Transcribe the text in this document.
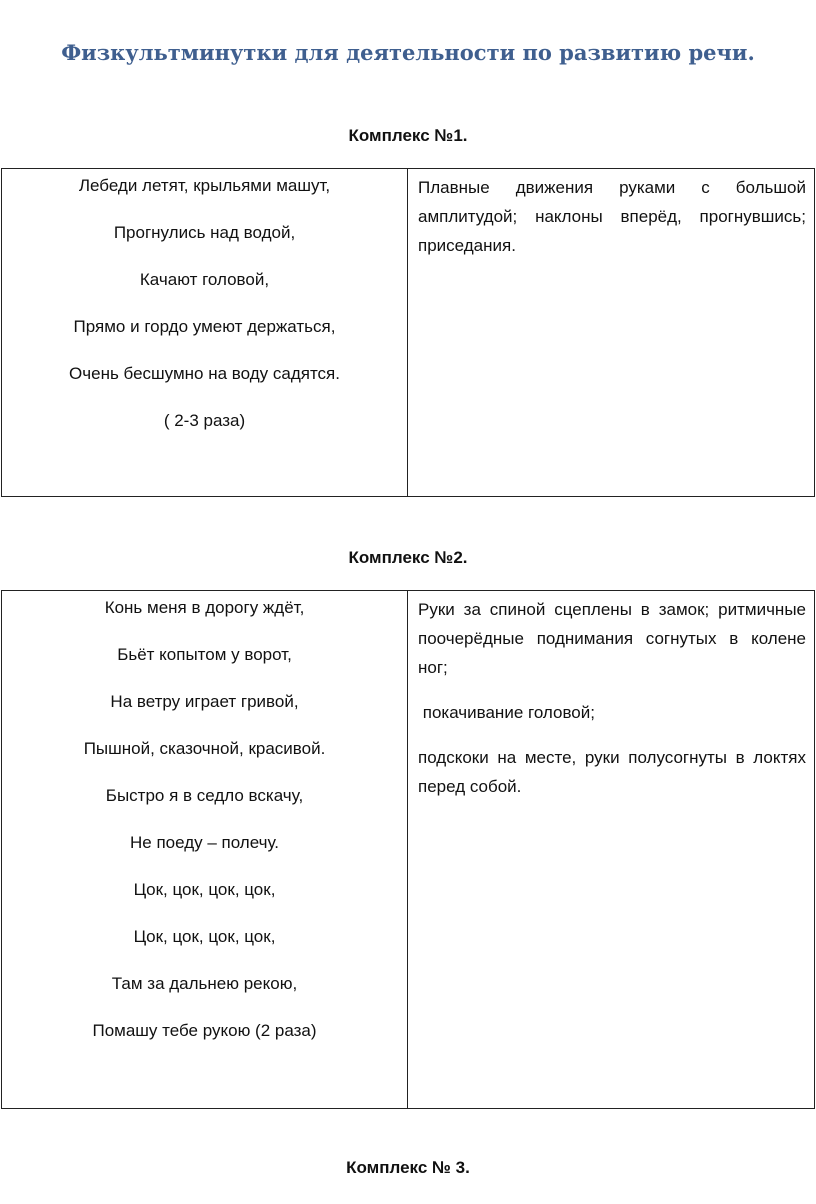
Физкультминутки для деятельности по развитию речи.
Комплекс №1.

Лебеди летят, крыльями машут,

Прогнулись над водой,

Качают головой,

Прямо и гордо умеют держаться,

Очень бесшумно на воду садятся.

( 2-3 раза)

Плавные движения руками с большой амплитудой; наклоны вперёд, прогнувшись; приседания.

Комплекс №2.

Конь меня в дорогу ждёт,

Бьёт копытом у ворот,

На ветру играет гривой,

Пышной, сказочной, красивой.

Быстро я в седло вскачу,

Не поеду – полечу.

Цок, цок, цок, цок,

Цок, цок, цок, цок,

Там за дальнею рекою,

Помашу тебе рукою (2 раза)

Руки за спиной сцеплены в замок; ритмичные поочерёдные поднимания согнутых в колене ног;

покачивание головой;

подскоки на месте, руки полусогнуты в локтях перед собой.

Комплекс № 3.
